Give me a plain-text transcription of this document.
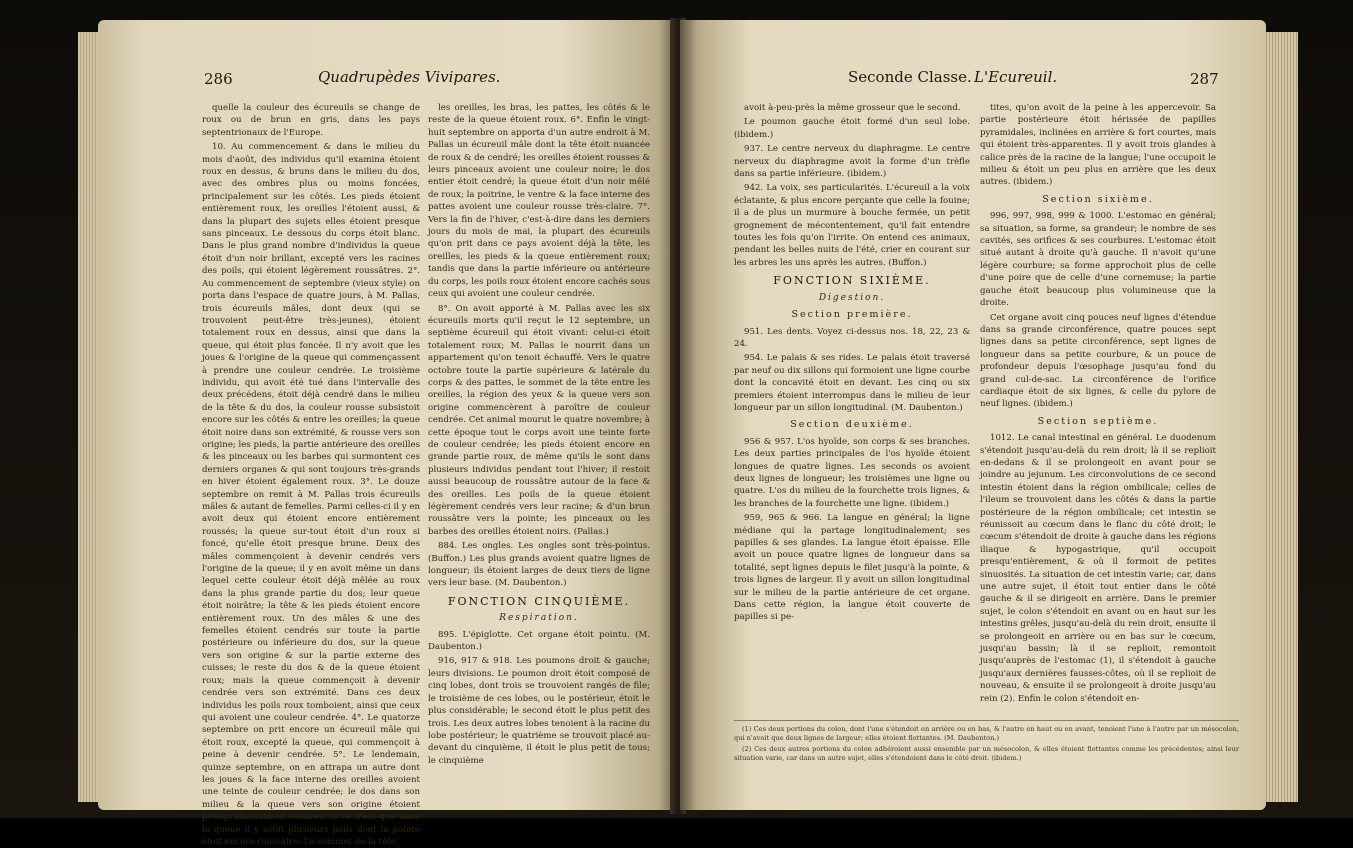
286	Quadrupèdes Vivipares.

quelle la couleur des écureuils se change de roux ou de brun en gris, dans les pays septentrionaux de l'Europe.

10. Au commencement & dans le milieu du mois d'août, des individus qu'il examina étoient roux en dessus, & bruns dans le milieu du dos, avec des ombres plus ou moins foncées, principalement sur les côtés. Les pieds étoient entièrement roux, les oreilles l'étoient aussi, & dans la plupart des sujets elles étoient presque sans pinceaux. Le dessous du corps étoit blanc. Dans le plus grand nombre d'individus la queue étoit d'un noir brillant, excepté vers les racines des poils, qui étoient légèrement roussâtres. 2°. Au commencement de septembre (vieux style) on porta dans l'espace de quatre jours, à M. Pallas, trois écureuils mâles, dont deux (qui se trouvoient peut-être très-jeunes), étoient totalement roux en dessus, ainsi que dans la queue, qui étoit plus foncée. Il n'y avoit que les joues & l'origine de la queue qui commençassent à prendre une couleur cendrée. Le troisième individu, qui avoit été tué dans l'intervalle des deux précédens, étoit déjà cendré dans le milieu de la tête & du dos, la couleur rousse subsistoit encore sur les côtés & entre les oreilles; la queue étoit noire dans son extrémité, & rousse vers son origine; les pieds, la partie antérieure des oreilles & les pinceaux ou les barbes qui surmontent ces derniers organes & qui sont toujours très-grands en hiver étoient également roux. 3°. Le douze septembre on remit à M. Pallas trois écureuils mâles & autant de femelles. Parmi celles-ci il y en avoit deux qui étoient encore entièrement roussés; la queue sur-tout étoit d'un roux si foncé, qu'elle étoit presque brune. Deux des mâles commençoient à devenir cendrés vers l'origine de la queue; il y en avoit même un dans lequel cette couleur étoit déjà mêlée au roux dans la plus grande partie du dos; leur queue étoit noirâtre; la tête & les pieds étoient encore entièrement roux. Un des mâles & une des femelles étoient cendrés sur toute la partie postérieure ou inférieure du dos, sur la queue vers son origine & sur la partie externe des cuisses; le reste du dos & de la queue étoient roux; mais la queue commençoit à devenir cendrée vers son extrémité. Dans ces deux individus les poils roux tomboient, ainsi que ceux qui avoient une couleur cendrée. 4°. Le quatorze septembre on prit encore un écureuil mâle qui étoit roux, excepté la queue, qui commençoit à peine à devenir cendrée. 5°. Le lendemain, quinze septembre, on en attrapa un autre dont les joues & la face interne des oreilles avoient une teinte de couleur cendrée; le dos dans son milieu & la queue vers son origine étoient presqu'absolument cendrés, si ce n'est que dans la queue il y avoit plusieurs poils dont la pointe étoit encore roussâtre. Le sommet de la tête,

les oreilles, les bras, les pattes, les côtés & le reste de la queue étoient roux. 6°. Enfin le vingt-huit septembre on apporta d'un autre endroit à M. Pallas un écureuil mâle dont la tête étoit nuancée de roux & de cendré; les oreilles étoient rousses & leurs pinceaux avoient une couleur noire; le dos entier étoit cendré; la queue étoit d'un noir mêlé de roux; la poitrine, le ventre & la face interne des pattes avoient une couleur rousse très-claire. 7°. Vers la fin de l'hiver, c'est-à-dire dans les derniers jours du mois de mai, la plupart des écureuils qu'on prit dans ce pays avoient déjà la tête, les oreilles, les pieds & la queue entièrement roux; tandis que dans la partie inférieure ou antérieure du corps, les poils roux étoient encore cachés sous ceux qui avoient une couleur cendrée.

8°. On avoit apporté à M. Pallas avec les six écureuils morts qu'il reçut le 12 septembre, un septième écureuil qui étoit vivant: celui-ci étoit totalement roux; M. Pallas le nourrit dans un appartement qu'on tenoit échauffé. Vers le quatre octobre toute la partie supérieure & latérale du corps & des pattes, le sommet de la tête entre les oreilles, la région des yeux & la queue vers son origine commencèrent à paroître de couleur cendrée. Cet animal mourut le quatre novembre; à cette époque tout le corps avoit une teinte forte de couleur cendrée; les pieds étoient encore en grande partie roux, de même qu'ils le sont dans plusieurs individus pendant tout l'hiver; il restoit aussi beaucoup de roussâtre autour de la face & des oreilles. Les poils de la queue étoient légèrement cendrés vers leur racine; & d'un brun roussâtre vers la pointe; les pinceaux ou les barbes des oreilles étoient noirs. (Pallas.)

884. Les ongles. Les ongles sont très-pointus. (Buffon.) Les plus grands avoient quatre lignes de longueur; ils étoient larges de deux tiers de ligne vers leur base. (M. Daubenton.)

FONCTION CINQUIÈME.

Respiration.

895. L'épiglotte. Cet organe étoit pointu. (M. Daubenton.)

916, 917 & 918. Les poumons droit & gauche; leurs divisions. Le poumon droit étoit composé de cinq lobes, dont trois se trouvoient rangés de file; le troisième de ces lobes, ou le postérieur, étoit le plus considérable; le second étoit le plus petit des trois. Les deux autres lobes tenoient à la racine du lobe postérieur; le quatrième se trouvoit placé au-devant du cinquième, il étoit le plus petit de tous; le cinquième

Seconde Classe. L'Ecureuil.	287

avoit à-peu-près la même grosseur que le second.

Le poumon gauche étoit formé d'un seul lobe. (ibidem.)

937. Le centre nerveux du diaphragme. Le centre nerveux du diaphragme avoit la forme d'un trèfle dans sa partie inférieure. (ibidem.)

942. La voix, ses particularités. L'écureuil a la voix éclatante, & plus encore perçante que celle la fouine; il a de plus un murmure à bouche fermée, un petit grognement de mécontentement, qu'il fait entendre toutes les fois qu'on l'irrite. On entend ces animaux, pendant les belles nuits de l'été, crier en courant sur les arbres les uns après les autres. (Buffon.)

FONCTION SIXIÈME.

Digestion.

Section première.

951. Les dents. Voyez ci-dessus nos. 18, 22, 23 & 24.

954. Le palais & ses rides. Le palais étoit traversé par neuf ou dix sillons qui formoient une ligne courbe dont la concavité étoit en devant. Les cinq ou six premiers étoient interrompus dans le milieu de leur longueur par un sillon longitudinal. (M. Daubenton.)

Section deuxième.

956 & 957. L'os hyoïde, son corps & ses branches. Les deux parties principales de l'os hyoïde étoient longues de quatre lignes. Les seconds os avoient deux lignes de longueur; les troisièmes une ligne ou quatre. L'os du milieu de la fourchette trois lignes, & les branches de la fourchette une ligne. (ibidem.)

959, 965 & 966. La langue en général; la ligne médiane qui la partage longitudinalement; ses papilles & ses glandes. La langue étoit épaisse. Elle avoit un pouce quatre lignes de longueur dans sa totalité, sept lignes depuis le filet jusqu'à la pointe, & trois lignes de largeur. Il y avoit un sillon longitudinal sur le milieu de la partie antérieure de cet organe. Dans cette région, la langue étoit couverte de papilles si pe-

tites, qu'on avoit de la peine à les appercevoir. Sa partie postérieure étoit hérissée de papilles pyramidales, inclinées en arrière & fort courtes, mais qui étoient très-apparentes. Il y avoit trois glandes à calice près de la racine de la langue; l'une occupoit le milieu & étoit un peu plus en arrière que les deux autres. (ibidem.)

Section sixième.

996, 997, 998, 999 & 1000. L'estomac en général; sa situation, sa forme, sa grandeur; le nombre de ses cavités, ses orifices & ses courbures. L'estomac étoit situé autant à droite qu'à gauche. Il n'avoit qu'une légère courbure; sa forme approchoit plus de celle d'une poire que de celle d'une cornemuse; la partie gauche étoit beaucoup plus volumineuse que la droite.

Cet organe avoit cinq pouces neuf lignes d'étendue dans sa grande circonférence, quatre pouces sept lignes dans sa petite circonférence, sept lignes de longueur dans sa petite courbure, & un pouce de profondeur depuis l'œsophage jusqu'au fond du grand cul-de-sac. La circonférence de l'orifice cardiaque étoit de six lignes, & celle du pylore de neuf lignes. (ibidem.)

Section septième.

1012. Le canal intestinal en général. Le duodenum s'étendoit jusqu'au-delà du rein droit; là il se replioit en-dedans & il se prolongeoit en avant pour se joindre au jejunum. Les circonvolutions de ce second intestin étoient dans la région ombilicale; celles de l'ileum se trouvoient dans les côtés & dans la partie postérieure de la région ombilicale; cet intestin se réunissoit au cœcum dans le flanc du côté droit; le cœcum s'étendoit de droite à gauche dans les régions iliaque & hypogastrique, qu'il occupoit presqu'entièrement, & où il formoit de petites sinuosités. La situation de cet intestin varie; car, dans une autre sujet, il étoit tout entier dans le côté gauche & il se dirigeoit en arrière. Dans le premier sujet, le colon s'étendoit en avant ou en haut sur les intestins grêles, jusqu'au-delà du rein droit, ensuite il se prolongeoit en arrière ou en bas sur le cœcum, jusqu'au bassin; là il se replioit, remontoit jusqu'auprès de l'estomac (1), il s'étendoit à gauche jusqu'aux dernières fausses-côtes, où il se replioit de nouveau, & ensuite il se prolongeoit à droite jusqu'au rein (2). Enfin le colon s'étendoit en-

(1) Ces deux portions du colon, dont l'une s'étendoit en arrière ou en bas, & l'autre en haut ou en avant, tenoient l'une à l'autre par un mésocolon, qui n'avoit que deux lignes de largeur; elles étoient flottantes. (M. Daubenton.)

(2) Ces deux autres portions du colon adhéroient aussi ensemble par un mésocolon, & elles étoient flottantes comme les précédentes; ainsi leur situation varie, car dans un autre sujet, elles s'étendoient dans le côté droit. (ibidem.)
